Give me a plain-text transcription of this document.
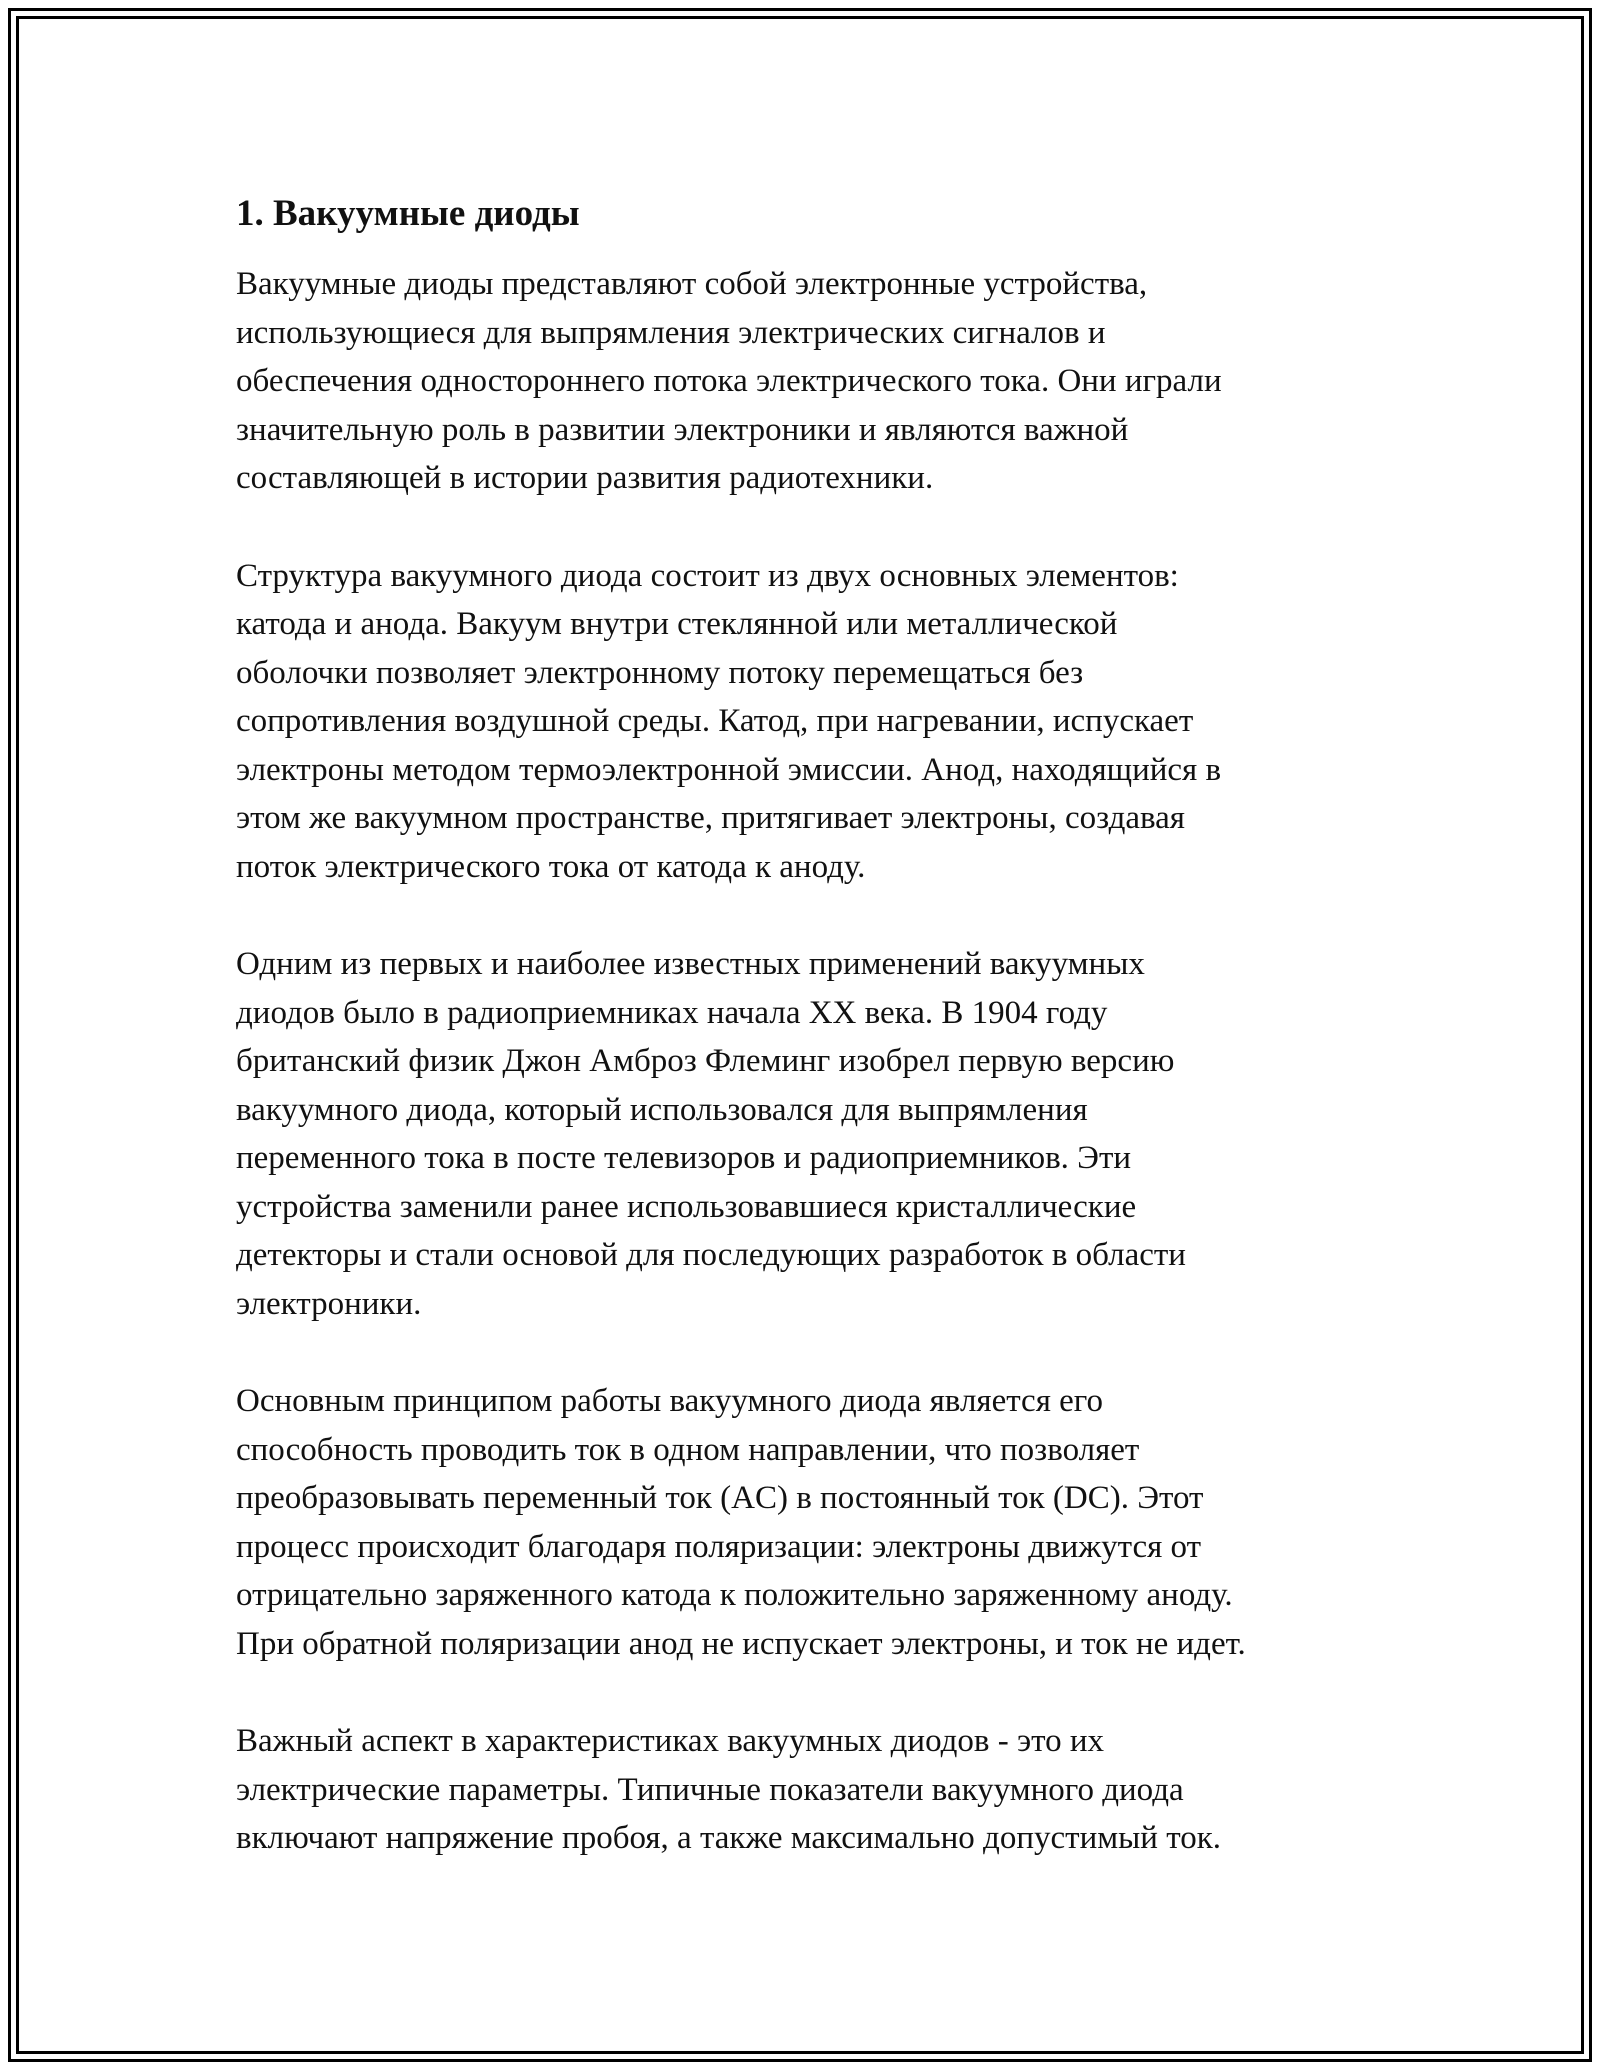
1. Вакуумные диоды

Вакуумные диоды представляют собой электронные устройства,
использующиеся для выпрямления электрических сигналов и
обеспечения одностороннего потока электрического тока. Они играли
значительную роль в развитии электроники и являются важной
составляющей в истории развития радиотехники.

Структура вакуумного диода состоит из двух основных элементов:
катода и анода. Вакуум внутри стеклянной или металлической
оболочки позволяет электронному потоку перемещаться без
сопротивления воздушной среды. Катод, при нагревании, испускает
электроны методом термоэлектронной эмиссии. Анод, находящийся в
этом же вакуумном пространстве, притягивает электроны, создавая
поток электрического тока от катода к аноду.

Одним из первых и наиболее известных применений вакуумных
диодов было в радиоприемниках начала XX века. В 1904 году
британский физик Джон Амброз Флеминг изобрел первую версию
вакуумного диода, который использовался для выпрямления
переменного тока в посте телевизоров и радиоприемников. Эти
устройства заменили ранее использовавшиеся кристаллические
детекторы и стали основой для последующих разработок в области
электроники.

Основным принципом работы вакуумного диода является его
способность проводить ток в одном направлении, что позволяет
преобразовывать переменный ток (AC) в постоянный ток (DC). Этот
процесс происходит благодаря поляризации: электроны движутся от
отрицательно заряженного катода к положительно заряженному аноду.
При обратной поляризации анод не испускает электроны, и ток не идет.

Важный аспект в характеристиках вакуумных диодов - это их
электрические параметры. Типичные показатели вакуумного диода
включают напряжение пробоя, а также максимально допустимый ток.
